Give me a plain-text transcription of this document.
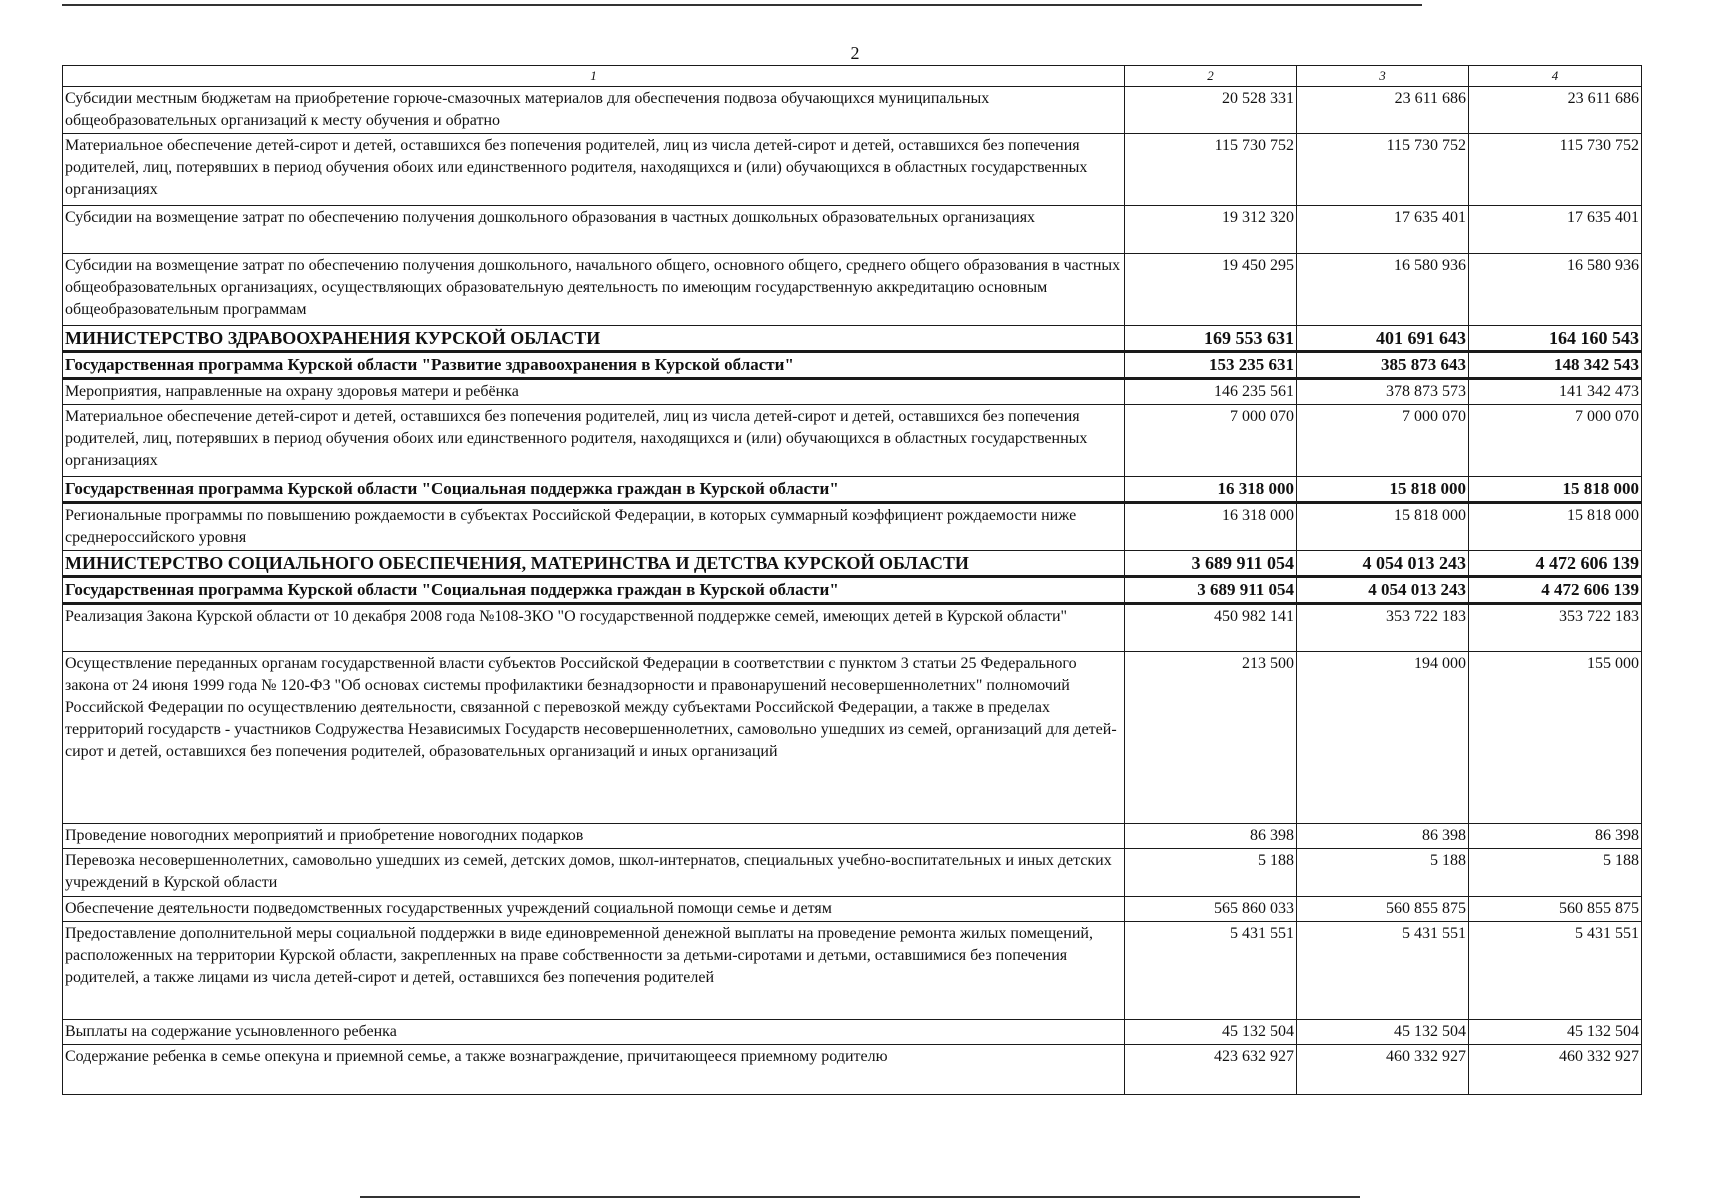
2
1	2	3	4
Субсидии местным бюджетам на приобретение горюче-смазочных материалов для обеспечения подвоза обучающихся муниципальных общеобразовательных организаций к месту обучения и обратно	20 528 331	23 611 686	23 611 686
Материальное обеспечение детей-сирот и детей, оставшихся без попечения родителей, лиц из числа детей-сирот и детей, оставшихся без попечения родителей, лиц, потерявших в период обучения обоих или единственного родителя, находящихся и (или) обучающихся в областных государственных организациях	115 730 752	115 730 752	115 730 752
Субсидии на возмещение затрат по обеспечению получения дошкольного образования в частных дошкольных образовательных организациях	19 312 320	17 635 401	17 635 401
Субсидии на возмещение затрат по обеспечению получения дошкольного, начального общего, основного общего, среднего общего образования в частных общеобразовательных организациях, осуществляющих образовательную деятельность по имеющим государственную аккредитацию основным общеобразовательным программам	19 450 295	16 580 936	16 580 936
МИНИСТЕРСТВО ЗДРАВООХРАНЕНИЯ КУРСКОЙ ОБЛАСТИ	169 553 631	401 691 643	164 160 543
Государственная программа Курской области "Развитие здравоохранения в Курской области"	153 235 631	385 873 643	148 342 543
Мероприятия, направленные на охрану здоровья матери и ребёнка	146 235 561	378 873 573	141 342 473
Материальное обеспечение детей-сирот и детей, оставшихся без попечения родителей, лиц из числа детей-сирот и детей, оставшихся без попечения родителей, лиц, потерявших в период обучения обоих или единственного родителя, находящихся и (или) обучающихся в областных государственных организациях	7 000 070	7 000 070	7 000 070
Государственная программа Курской области "Социальная поддержка граждан в Курской области"	16 318 000	15 818 000	15 818 000
Региональные программы по повышению рождаемости в субъектах Российской Федерации, в которых суммарный коэффициент рождаемости ниже среднероссийского уровня	16 318 000	15 818 000	15 818 000
МИНИСТЕРСТВО СОЦИАЛЬНОГО ОБЕСПЕЧЕНИЯ, МАТЕРИНСТВА И ДЕТСТВА КУРСКОЙ ОБЛАСТИ	3 689 911 054	4 054 013 243	4 472 606 139
Государственная программа Курской области "Социальная поддержка граждан в Курской области"	3 689 911 054	4 054 013 243	4 472 606 139
Реализация Закона Курской области от 10 декабря 2008 года №108-ЗКО "О государственной поддержке семей, имеющих детей в Курской области"	450 982 141	353 722 183	353 722 183
Осуществление переданных органам государственной власти субъектов Российской Федерации в соответствии с пунктом 3 статьи 25 Федерального закона от 24 июня 1999 года № 120-ФЗ "Об основах системы профилактики безнадзорности и правонарушений несовершеннолетних" полномочий Российской Федерации по осуществлению деятельности, связанной с перевозкой между субъектами Российской Федерации, а также в пределах территорий государств - участников Содружества Независимых Государств несовершеннолетних, самовольно ушедших из семей, организаций для детей-сирот и детей, оставшихся без попечения родителей, образовательных организаций и иных организаций	213 500	194 000	155 000
Проведение новогодних мероприятий и приобретение новогодних подарков	86 398	86 398	86 398
Перевозка несовершеннолетних, самовольно ушедших из семей, детских домов, школ-интернатов, специальных учебно-воспитательных и иных детских учреждений в Курской области	5 188	5 188	5 188
Обеспечение деятельности подведомственных государственных учреждений социальной помощи семье и детям	565 860 033	560 855 875	560 855 875
Предоставление дополнительной меры социальной поддержки в виде единовременной денежной выплаты на проведение ремонта жилых помещений, расположенных на территории Курской области, закрепленных на праве собственности за детьми-сиротами и детьми, оставшимися без попечения родителей, а также лицами из числа детей-сирот и детей, оставшихся без попечения родителей	5 431 551	5 431 551	5 431 551
Выплаты на содержание усыновленного ребенка	45 132 504	45 132 504	45 132 504
Содержание ребенка в семье опекуна и приемной семье, а также вознаграждение, причитающееся приемному родителю	423 632 927	460 332 927	460 332 927
